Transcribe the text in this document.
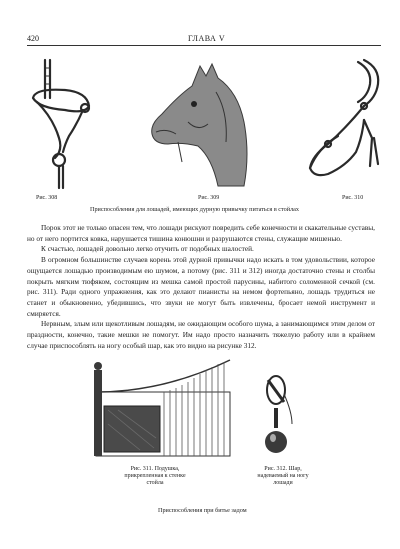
420	ГЛАВА V
Рис. 308	Рис. 309	Рис. 310
Приспособления для лошадей, имеющих дурную привычку питаться в стойлах

Порок этот не только опасен тем, что лошади рискуют повредить себе конечности и скакательные суставы, но от него портится ковка, нарушается тишина конюшни и разрушаются стены, служащие мишенью.

К счастью, лошадей довольно легко отучить от подобных шалостей.

В огромном большинстве случаев корень этой дурной привычки надо искать в том удовольствии, которое ощущается лошадью производимым ею шумом, а потому (рис. 311 и 312) иногда достаточно стены и столбы покрыть мягким тюфяком, состоящим из мешка самой простой парусины, набитого соломенной сечкой (см. рис. 311). Ради одного упражнения, как это делают пианисты на немом фортепьяно, лошадь трудиться не станет и обыкновенно, убедившись, что звуки не могут быть извлечены, бросает немой инструмент и смиряется.

Нервным, злым или щекотливым лошадям, не ожидающим особого шума, а занимающимся этим делом от праздности, конечно, такие мешки не помогут. Им надо просто назначить тяжелую работу или в крайнем случае приспособлять на ногу особый шар, как это видно на рисунке 312.

Рис. 311. Подушка, прикрепленная к стенке стойла
Рис. 312. Шар, надеваемый на ногу лошади
Приспособления при битье задом
